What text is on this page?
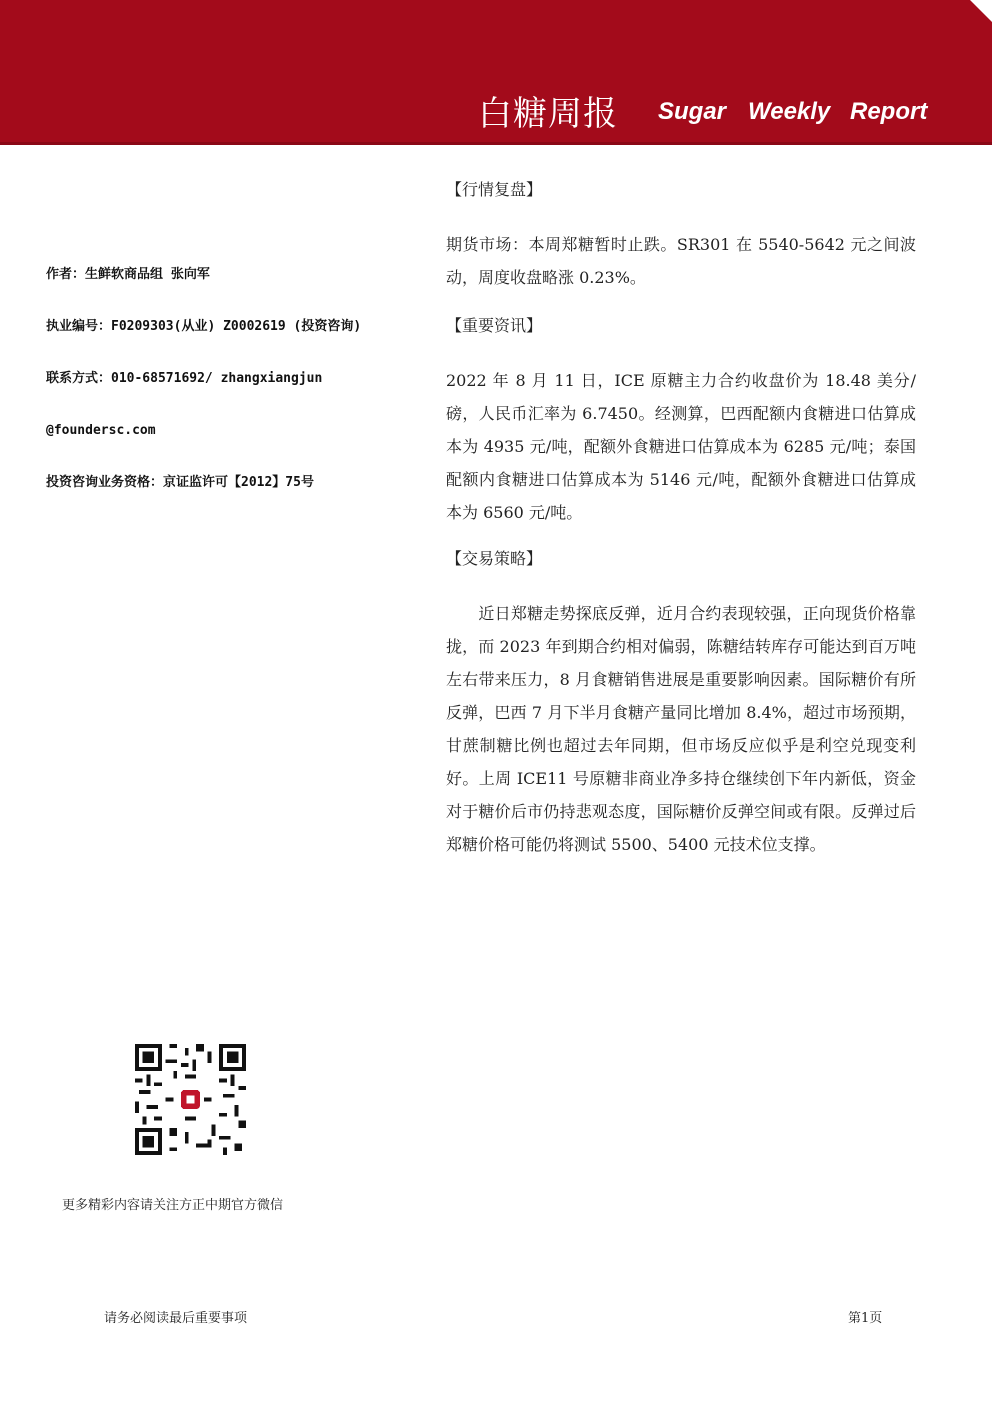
白糖周报 Sugar Weekly Report
作者：生鲜软商品组 张向军
执业编号：F0209303(从业) Z0002619 (投资咨询)
联系方式：010-68571692/ zhangxiangjun
@foundersc.com
投资咨询业务资格：京证监许可【2012】75号
【行情复盘】

期货市场：本周郑糖暂时止跌。SR301 在 5540-5642 元之间波动，周度收盘略涨 0.23%。

【重要资讯】

2022 年 8 月 11 日，ICE 原糖主力合约收盘价为 18.48 美分/磅，人民币汇率为 6.7450。经测算，巴西配额内食糖进口估算成本为 4935 元/吨，配额外食糖进口估算成本为 6285 元/吨；泰国配额内食糖进口估算成本为 5146 元/吨，配额外食糖进口估算成本为 6560 元/吨。

【交易策略】

　　近日郑糖走势探底反弹，近月合约表现较强，正向现货价格靠拢，而 2023 年到期合约相对偏弱，陈糖结转库存可能达到百万吨左右带来压力，8 月食糖销售进展是重要影响因素。国际糖价有所反弹，巴西 7 月下半月食糖产量同比增加 8.4%，超过市场预期，甘蔗制糖比例也超过去年同期，但市场反应似乎是利空兑现变利好。上周 ICE11 号原糖非商业净多持仓继续创下年内新低，资金对于糖价后市仍持悲观态度，国际糖价反弹空间或有限。反弹过后郑糖价格可能仍将测试 5500、5400 元技术位支撑。

更多精彩内容请关注方正中期官方微信
请务必阅读最后重要事项	第1页
